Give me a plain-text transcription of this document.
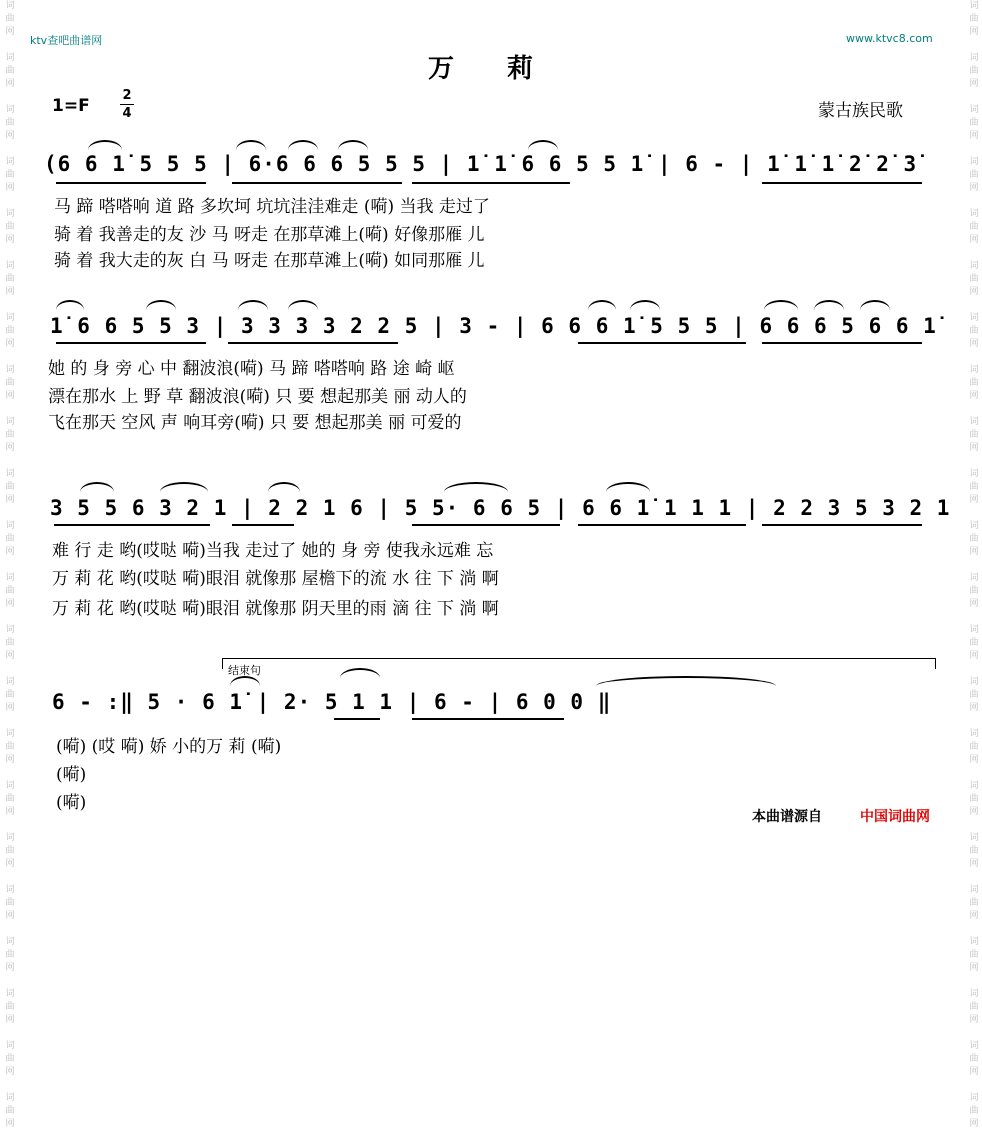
词
曲
网

词
曲
网

词
曲
网

词
曲
网

词
曲
网

词
曲
网

词
曲
网

词
曲
网

词
曲
网

词
曲
网

词
曲
网

词
曲
网

词
曲
网

词
曲
网

词
曲
网

词
曲
网

词
曲
网

词
曲
网

词
曲
网

词
曲
网

词
曲
网

词
曲
网

词
曲
网

词
曲
网

词
曲
网

词
曲
网

词
曲
网

词
曲
网

词
曲
网

词
曲
网

词
曲
网

词
曲
网

词
曲
网

词
曲
网

词
曲
网

词
曲
网

词
曲
网

词
曲
网

词
曲
网

词
曲
网

词
曲
网

词
曲
网

词
曲
网

词
曲
网

ktv查吧曲谱网	www.ktvc8.com
万 莉
1=F
2
4	蒙古族民歌
(6 6 1̇ 5 5 5 | 6·6 6 6 5 5 5 | 1̇ 1̇ 6 6 5 5 1̇ | 6 - | 1̇ 1̇ 1̇ 2̇ 2̇ 3̇
马 蹄 嗒嗒响 道 路 多坎坷 坑坑洼洼难走 (嗬) 当我 走过了
骑 着 我善走的友 沙 马 呀走 在那草滩上(嗬) 好像那雁 儿
骑 着 我大走的灰 白 马 呀走 在那草滩上(嗬) 如同那雁 儿
1̇ 6 6 5 5 3 | 3 3 3 3 2 2 5 | 3 - | 6 6 6 1̇ 5 5 5 | 6 6 6 5 6 6 1̇
她 的 身 旁 心 中 翻波浪(嗬) 马 蹄 嗒嗒响 路 途 崎 岖
漂在那水 上 野 草 翻波浪(嗬) 只 要 想起那美 丽 动人的
飞在那天 空风 声 响耳旁(嗬) 只 要 想起那美 丽 可爱的
3 5 5 6 3 2 1 | 2 2 1 6 | 5 5· 6 6 5 | 6 6 1̇ 1 1 1 | 2 2 3 5 3 2 1
难 行 走 哟(哎哒 嗬)当我 走过了 她的 身 旁 使我永远难 忘
万 莉 花 哟(哎哒 嗬)眼泪 就像那 屋檐下的流 水 往 下 淌 啊
万 莉 花 哟(哎哒 嗬)眼泪 就像那 阴天里的雨 滴 往 下 淌 啊
结束句
6 - :‖ 5 · 6 1̇ | 2· 5 1 1 | 6 - | 6 0 0 ‖
(嗬) (哎 嗬) 娇 小的万 莉 (嗬)
(嗬)
(嗬)
本曲谱源自	中国词曲网
